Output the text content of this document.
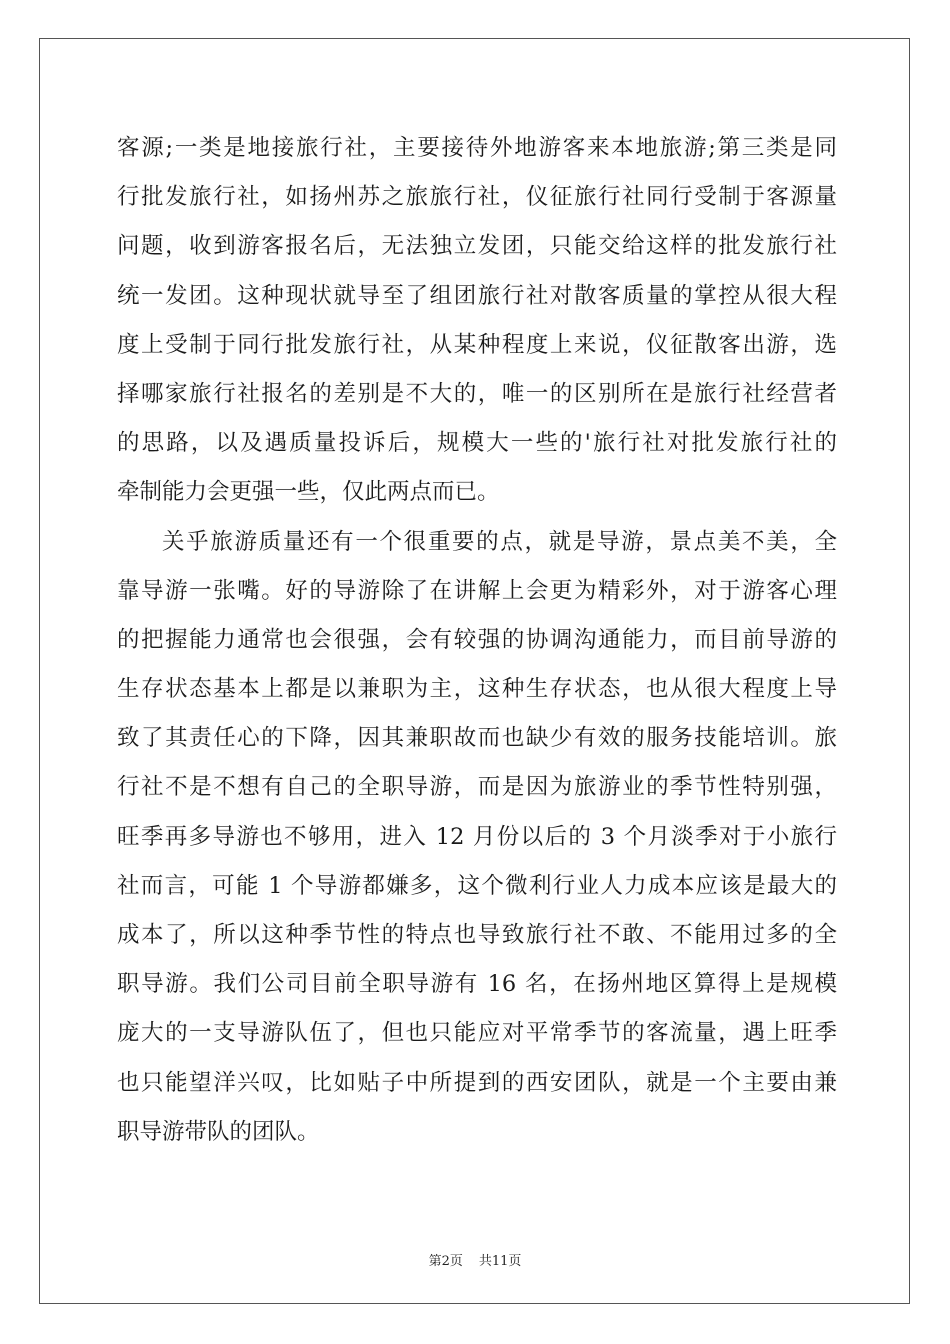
客源;一类是地接旅行社，主要接待外地游客来本地旅游;第三类是同
行批发旅行社，如扬州苏之旅旅行社，仪征旅行社同行受制于客源量
问题，收到游客报名后，无法独立发团，只能交给这样的批发旅行社
统一发团。这种现状就导至了组团旅行社对散客质量的掌控从很大程
度上受制于同行批发旅行社，从某种程度上来说，仪征散客出游，选
择哪家旅行社报名的差别是不大的，唯一的区别所在是旅行社经营者
的思路，以及遇质量投诉后，规模大一些的'旅行社对批发旅行社的
牵制能力会更强一些，仅此两点而已。
关乎旅游质量还有一个很重要的点，就是导游，景点美不美，全
靠导游一张嘴。好的导游除了在讲解上会更为精彩外，对于游客心理
的把握能力通常也会很强，会有较强的协调沟通能力，而目前导游的
生存状态基本上都是以兼职为主，这种生存状态，也从很大程度上导
致了其责任心的下降，因其兼职故而也缺少有效的服务技能培训。旅
行社不是不想有自己的全职导游，而是因为旅游业的季节性特别强，
旺季再多导游也不够用，进入 12 月份以后的 3 个月淡季对于小旅行
社而言，可能 1 个导游都嫌多，这个微利行业人力成本应该是最大的
成本了，所以这种季节性的特点也导致旅行社不敢、不能用过多的全
职导游。我们公司目前全职导游有 16 名，在扬州地区算得上是规模
庞大的一支导游队伍了，但也只能应对平常季节的客流量，遇上旺季
也只能望洋兴叹，比如贴子中所提到的西安团队，就是一个主要由兼
职导游带队的团队。
第2页 共11页
